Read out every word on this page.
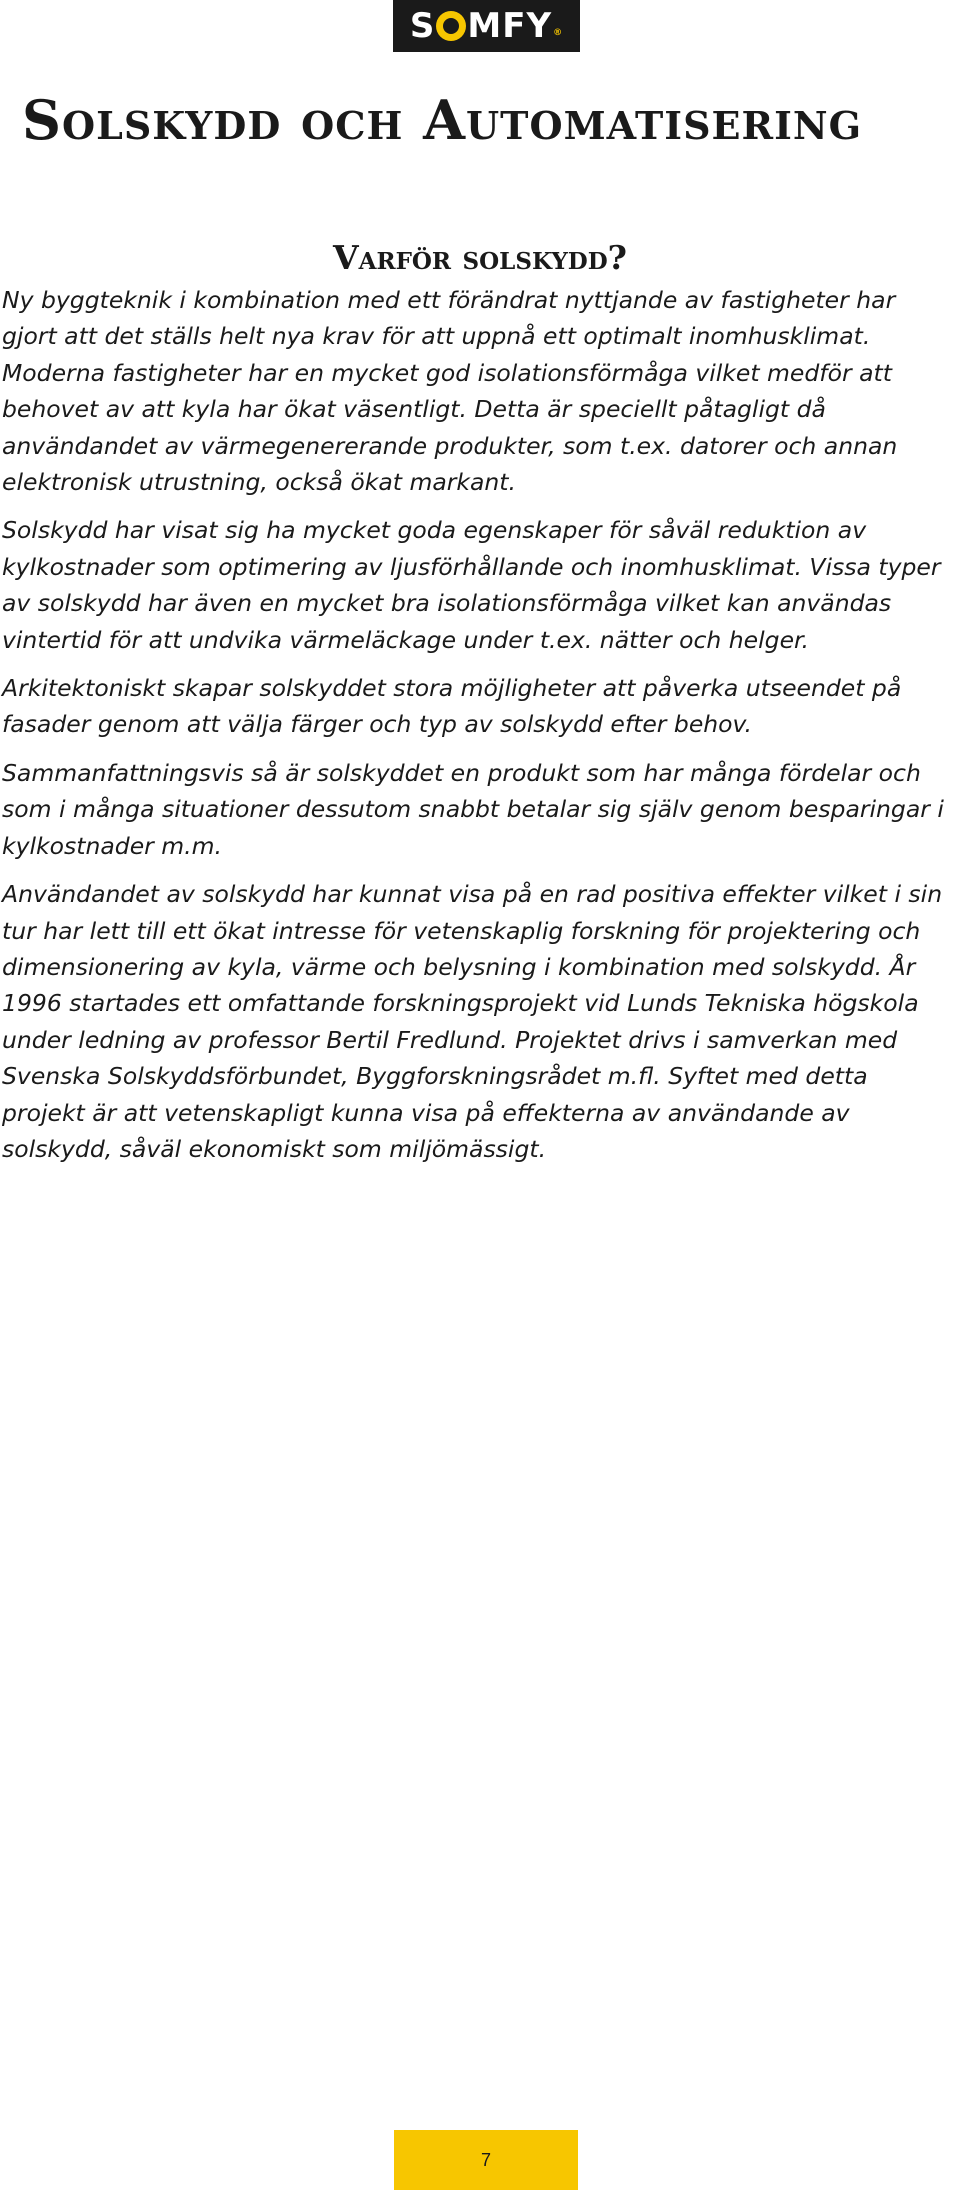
S MFY ®
Solskydd och Automatisering
Varför solskydd?

Ny byggteknik i kombination med ett förändrat nyttjande av fastigheter har gjort att det ställs helt nya krav för att uppnå ett optimalt inomhusklimat. Moderna fastigheter har en mycket god isolationsförmåga vilket medför att behovet av att kyla har ökat väsentligt. Detta är speciellt påtagligt då användandet av värmegenererande produkter, som t.ex. datorer och annan elektronisk utrustning, också ökat markant.

Solskydd har visat sig ha mycket goda egenskaper för såväl reduktion av kylkostnader som optimering av ljusförhållande och inomhusklimat. Vissa typer av solskydd har även en mycket bra isolationsförmåga vilket kan användas vintertid för att undvika värmeläckage under t.ex. nätter och helger.

Arkitektoniskt skapar solskyddet stora möjligheter att påverka utseendet på fasader genom att välja färger och typ av solskydd efter behov.

Sammanfattningsvis så är solskyddet en produkt som har många fördelar och som i många situationer dessutom snabbt betalar sig själv genom besparingar i kylkostnader m.m.

Användandet av solskydd har kunnat visa på en rad positiva effekter vilket i sin tur har lett till ett ökat intresse för vetenskaplig forskning för projektering och dimensionering av kyla, värme och belysning i kombination med solskydd. År 1996 startades ett omfattande forskningsprojekt vid Lunds Tekniska högskola under ledning av professor Bertil Fredlund. Projektet drivs i samverkan med Svenska Solskyddsförbundet, Byggforskningsrådet m.fl. Syftet med detta projekt är att vetenskapligt kunna visa på effekterna av användande av solskydd, såväl ekonomiskt som miljömässigt.

7
